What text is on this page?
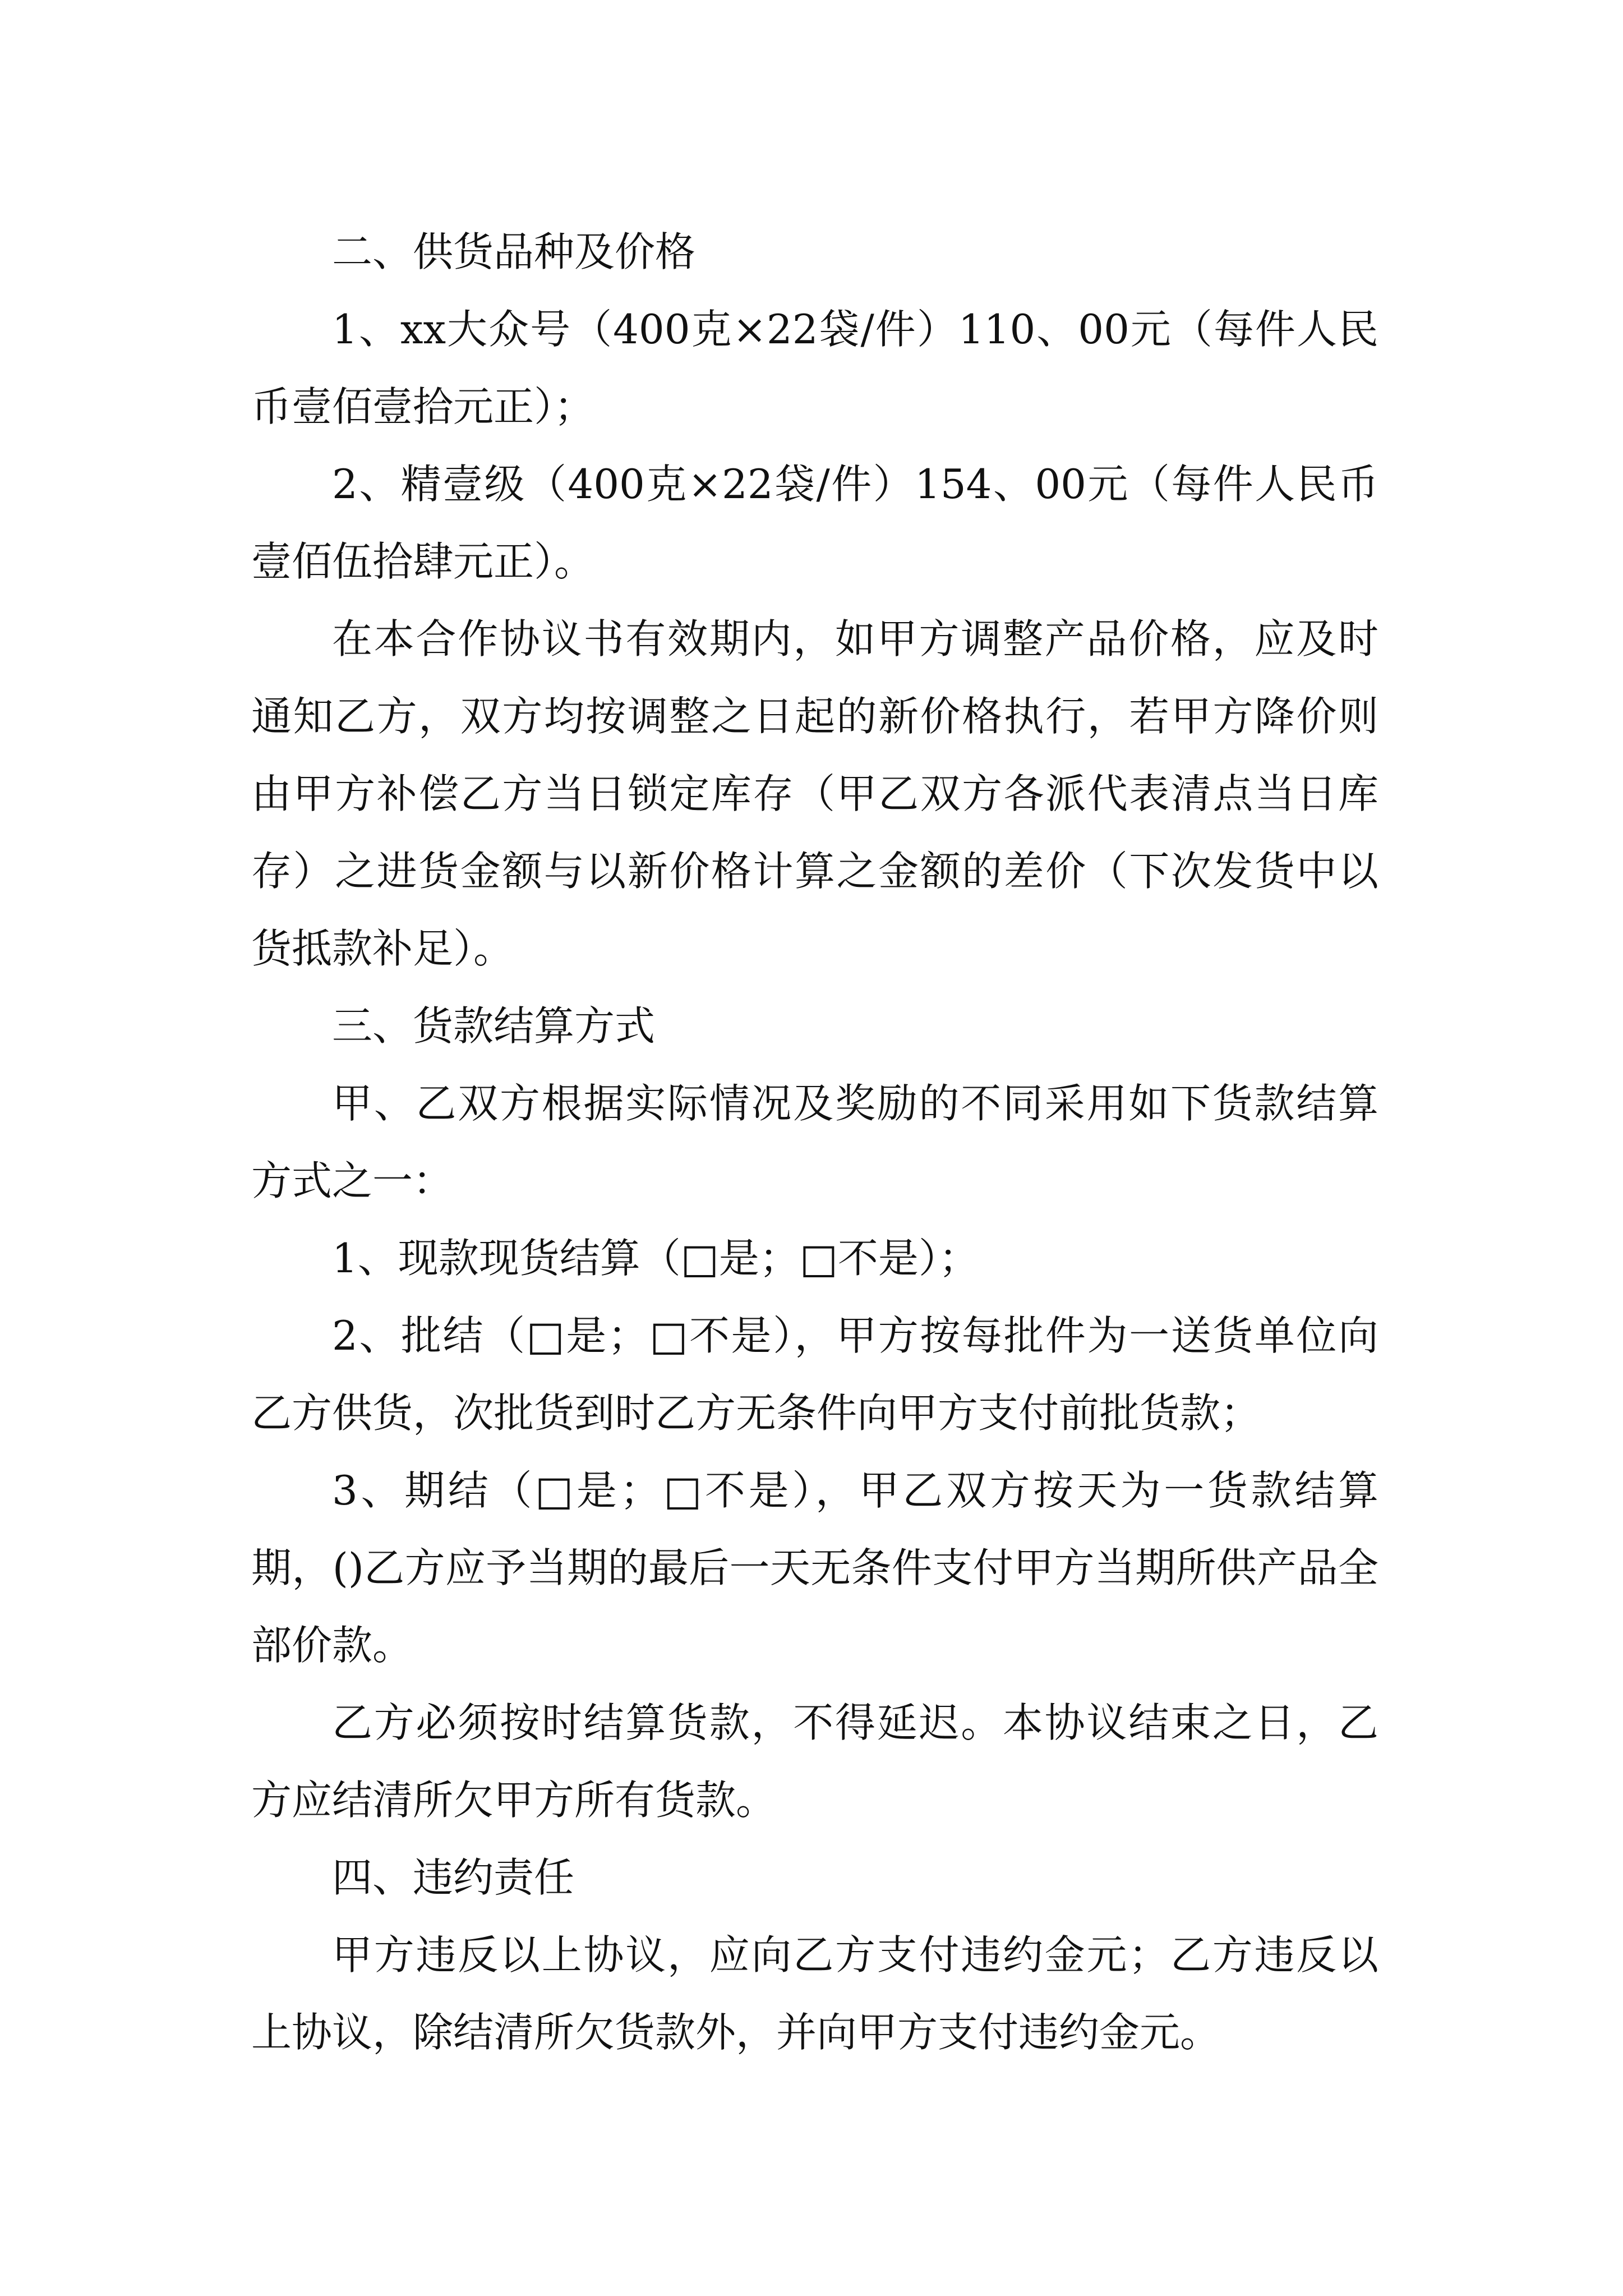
二、供货品种及价格

1、xx大众号（400克×22袋/件）110、00元（每件人民币壹佰壹拾元正）；

2、精壹级（400克×22袋/件）154、00元（每件人民币壹佰伍拾肆元正）。

在本合作协议书有效期内，如甲方调整产品价格，应及时通知乙方，双方均按调整之日起的新价格执行，若甲方降价则由甲方补偿乙方当日锁定库存（甲乙双方各派代表清点当日库存）之进货金额与以新价格计算之金额的差价（下次发货中以货抵款补足）。

三、货款结算方式

甲、乙双方根据实际情况及奖励的不同采用如下货款结算方式之一：

1、现款现货结算（□是；□不是）；

2、批结（□是；□不是），甲方按每批件为一送货单位向乙方供货，次批货到时乙方无条件向甲方支付前批货款；

3、期结（□是；□不是），甲乙双方按天为一货款结算期，()乙方应予当期的最后一天无条件支付甲方当期所供产品全部价款。

乙方必须按时结算货款，不得延迟。本协议结束之日，乙方应结清所欠甲方所有货款。

四、违约责任

甲方违反以上协议，应向乙方支付违约金元；乙方违反以上协议，除结清所欠货款外，并向甲方支付违约金元。
